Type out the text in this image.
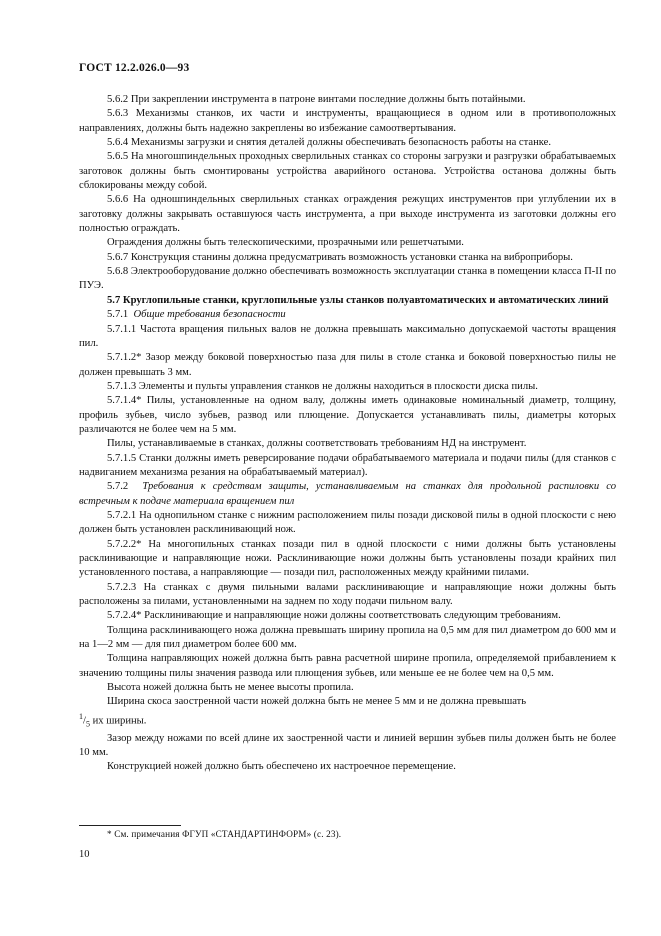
ГОСТ 12.2.026.0—93

5.6.2 При закреплении инструмента в патроне винтами последние должны быть потайными.

5.6.3 Механизмы станков, их части и инструменты, вращающиеся в одном или в противоположных направлениях, должны быть надежно закреплены во избежание самоотвертывания.

5.6.4 Механизмы загрузки и снятия деталей должны обеспечивать безопасность работы на станке.

5.6.5 На многошпиндельных проходных сверлильных станках со стороны загрузки и разгрузки обрабатываемых заготовок должны быть смонтированы устройства аварийного останова. Устройства останова должны быть сблокированы между собой.

5.6.6 На одношпиндельных сверлильных станках ограждения режущих инструментов при углублении их в заготовку должны закрывать оставшуюся часть инструмента, а при выходе инструмента из заготовки должны его полностью ограждать.

Ограждения должны быть телескопическими, прозрачными или решетчатыми.

5.6.7 Конструкция станины должна предусматривать возможность установки станка на виброприборы.

5.6.8 Электрооборудование должно обеспечивать возможность эксплуатации станка в помещении класса П-II по ПУЭ.

5.7 Круглопильные станки, круглопильные узлы станков полуавтоматических и автоматических линий

5.7.1 Общие требования безопасности

5.7.1.1 Частота вращения пильных валов не должна превышать максимально допускаемой частоты вращения пил.

5.7.1.2* Зазор между боковой поверхностью паза для пилы в столе станка и боковой поверхностью пилы не должен превышать 3 мм.

5.7.1.3 Элементы и пульты управления станков не должны находиться в плоскости диска пилы.

5.7.1.4* Пилы, установленные на одном валу, должны иметь одинаковые номинальный диаметр, толщину, профиль зубьев, число зубьев, развод или плющение. Допускается устанавливать пилы, диаметры которых различаются не более чем на 5 мм.

Пилы, устанавливаемые в станках, должны соответствовать требованиям НД на инструмент.

5.7.1.5 Станки должны иметь реверсирование подачи обрабатываемого материала и подачи пилы (для станков с надвиганием механизма резания на обрабатываемый материал).

5.7.2 Требования к средствам защиты, устанавливаемым на станках для продольной распиловки со встречным к подаче материала вращением пил

5.7.2.1 На однопильном станке с нижним расположением пилы позади дисковой пилы в одной плоскости с нею должен быть установлен расклинивающий нож.

5.7.2.2* На многопильных станках позади пил в одной плоскости с ними должны быть установлены расклинивающие и направляющие ножи. Расклинивающие ножи должны быть установлены позади крайних пил установленного постава, а направляющие — позади пил, расположенных между крайними пилами.

5.7.2.3 На станках с двумя пильными валами расклинивающие и направляющие ножи должны быть расположены за пилами, установленными на заднем по ходу подачи пильном валу.

5.7.2.4* Расклинивающие и направляющие ножи должны соответствовать следующим требованиям.

Толщина расклинивающего ножа должна превышать ширину пропила на 0,5 мм для пил диаметром до 600 мм и на 1—2 мм — для пил диаметром более 600 мм.

Толщина направляющих ножей должна быть равна расчетной ширине пропила, определяемой прибавлением к значению толщины пилы значения развода или плющения зубьев, или меньше ее не более чем на 0,5 мм.

Высота ножей должна быть не менее высоты пропила.

Ширина скоса заостренной части ножей должна быть не менее 5 мм и не должна превышать

$^1/_5$ их ширины.

Зазор между ножами по всей длине их заостренной части и линией вершин зубьев пилы должен быть не более 10 мм.

Конструкцией ножей должно быть обеспечено их настроечное перемещение.

* См. примечания ФГУП «СТАНДАРТИНФОРМ» (с. 23).
10
